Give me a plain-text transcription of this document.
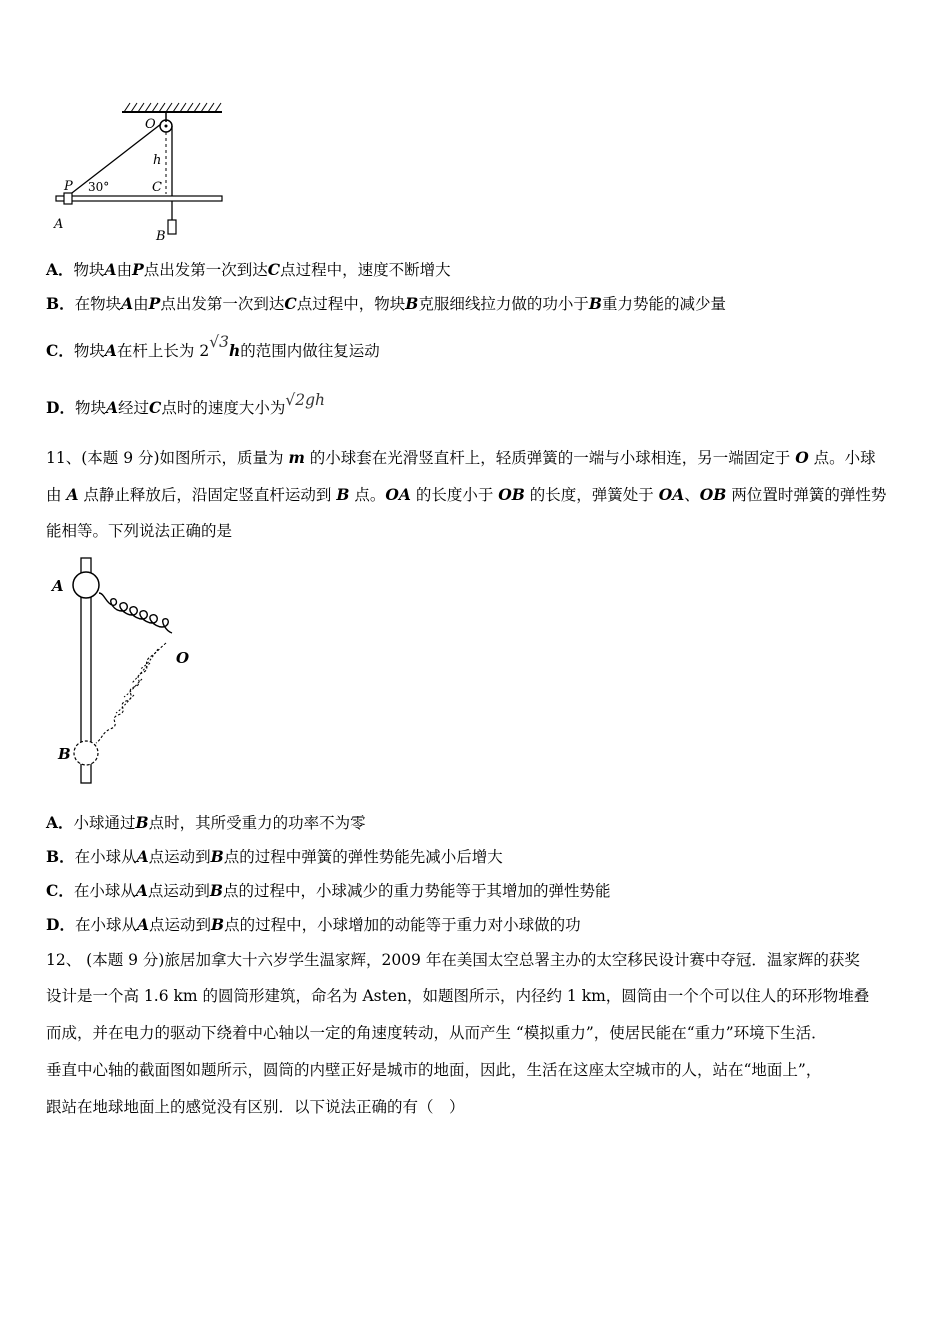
O
h
P	C
A
B
30°
A．物块A由P点出发第一次到达C点过程中，速度不断增大
B．在物块A由P点出发第一次到达C点过程中，物块B克服细线拉力做的功小于B重力势能的减少量
C．物块A在杆上长为 2√3h的范围内做往复运动
D．物块A经过C点时的速度大小为√2gh
11、(本题 9 分)如图所示，质量为 m 的小球套在光滑竖直杆上，轻质弹簧的一端与小球相连，另一端固定于 O 点。小球
由 A 点静止释放后，沿固定竖直杆运动到 B 点。OA 的长度小于 OB 的长度，弹簧处于 OA、OB 两位置时弹簧的弹性势
能相等。下列说法正确的是
A
O
B
A．小球通过B点时，其所受重力的功率不为零
B．在小球从A点运动到B点的过程中弹簧的弹性势能先减小后增大
C．在小球从A点运动到B点的过程中，小球减少的重力势能等于其增加的弹性势能
D．在小球从A点运动到B点的过程中，小球增加的动能等于重力对小球做的功
12、 (本题 9 分)旅居加拿大十六岁学生温家辉，2009 年在美国太空总署主办的太空移民设计赛中夺冠．温家辉的获奖
设计是一个高 1.6 km 的圆筒形建筑，命名为 Asten，如题图所示，内径约 1 km，圆筒由一个个可以住人的环形物堆叠
而成，并在电力的驱动下绕着中心轴以一定的角速度转动，从而产生 “模拟重力”，使居民能在“重力”环境下生活．
垂直中心轴的截面图如题所示，圆筒的内壁正好是城市的地面，因此，生活在这座太空城市的人，站在“地面上”，
跟站在地球地面上的感觉没有区别．以下说法正确的有（　）
